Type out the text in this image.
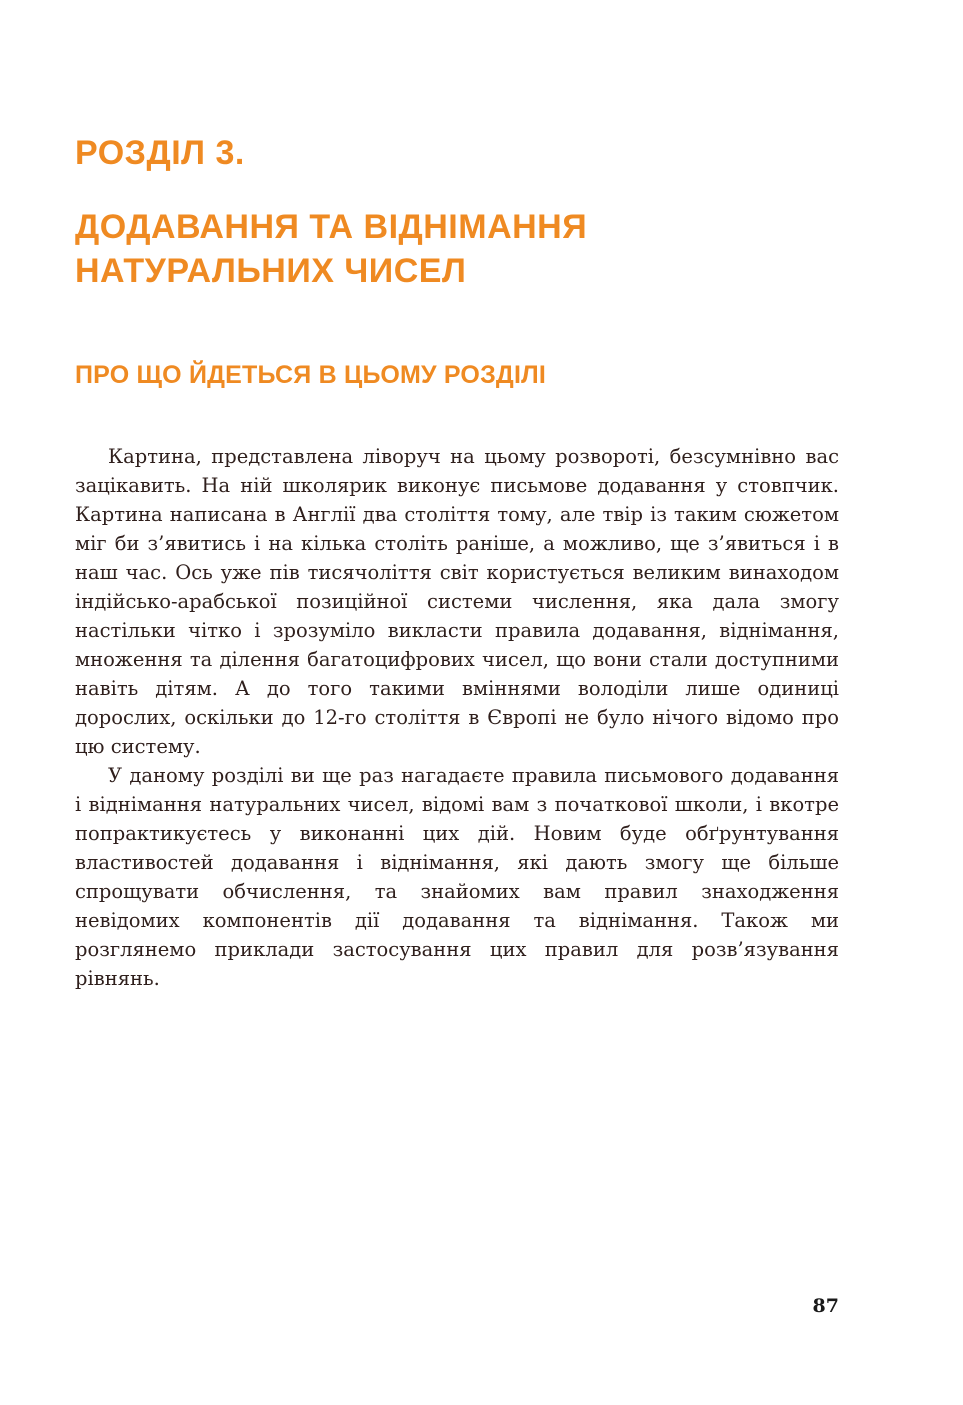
РОЗДІЛ 3.
ДОДАВАННЯ ТА ВІДНІМАННЯ
НАТУРАЛЬНИХ ЧИСЕЛ
ПРО ЩО ЙДЕТЬСЯ В ЦЬОМУ РОЗДІЛІ

Картина, представлена ліворуч на цьому розвороті, безсумнівно вас зацікавить. На ній школярик виконує письмове додавання у стовпчик. Картина написана в Англії два століття тому, але твір із таким сюжетом міг би з’явитись і на кілька століть раніше, а можливо, ще з’явиться і в наш час. Ось уже пів тисячоліття світ користується великим винаходом індійсько-арабської позиційної системи числення, яка дала змогу настільки чітко і зрозуміло викласти правила додавання, віднімання, множення та ділення багатоцифрових чисел, що вони стали доступними навіть дітям. А до того такими вміннями володіли лише одиниці дорослих, оскільки до 12-го століття в Європі не було нічого відомо про цю систему.

У даному розділі ви ще раз нагадаєте правила письмового додавання і віднімання натуральних чисел, відомі вам з початкової школи, і вкотре попрактикуєтесь у виконанні цих дій. Новим буде обґрунтування властивостей додавання і віднімання, які дають змогу ще більше спрощувати обчислення, та знайомих вам правил знаходження невідомих компонентів дії додавання та віднімання. Також ми розглянемо приклади застосування цих правил для розв’язування рівнянь.

87
